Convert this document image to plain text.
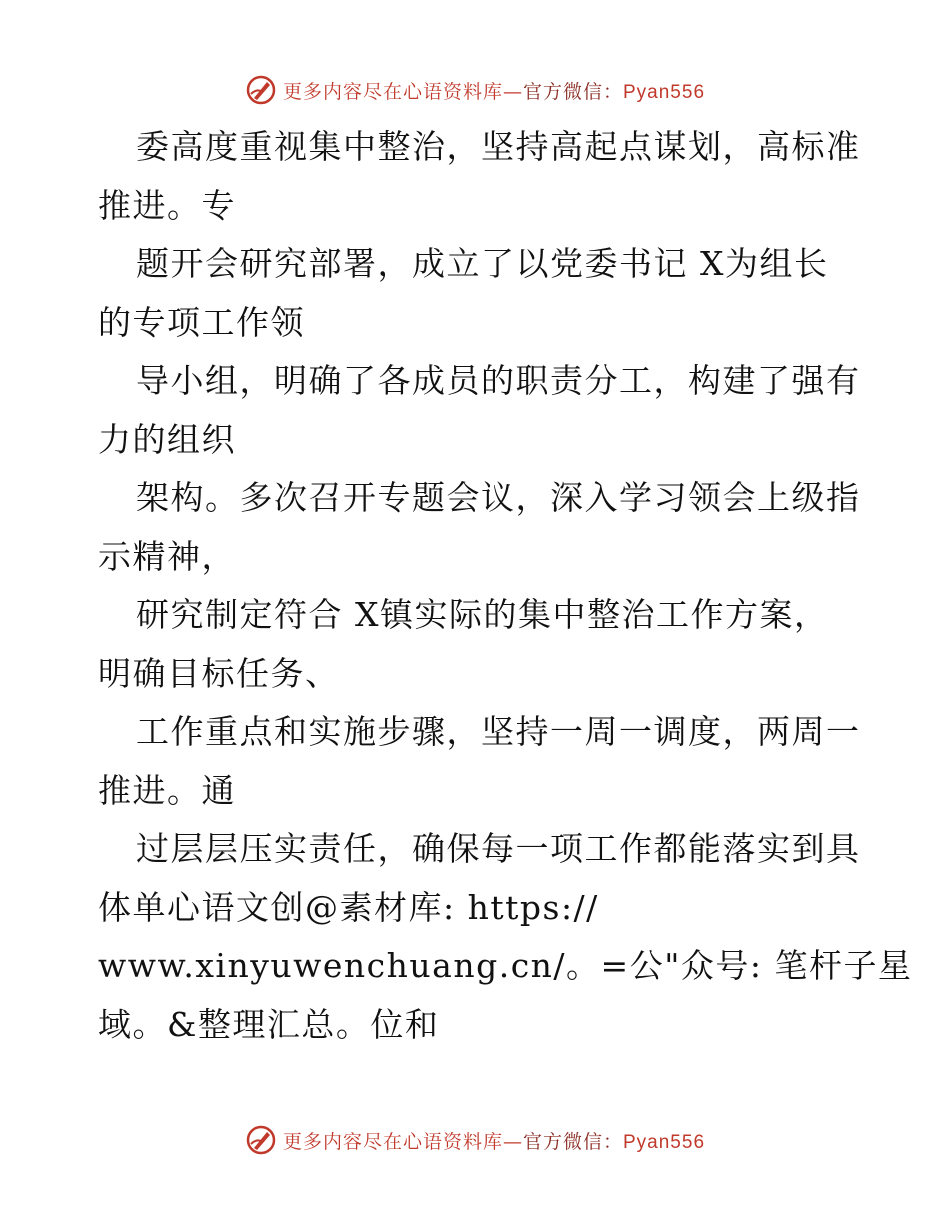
更多内容尽在心语资料库—官方微信：Pyan556
委高度重视集中整治，坚持高起点谋划，高标准
推进。专
题开会研究部署，成立了以党委书记 X为组长
的专项工作领
导小组，明确了各成员的职责分工，构建了强有
力的组织
架构。多次召开专题会议，深入学习领会上级指
示精神，
研究制定符合 X镇实际的集中整治工作方案，
明确目标任务、
工作重点和实施步骤，坚持一周一调度，两周一
推进。通
过层层压实责任，确保每一项工作都能落实到具
体单心语文创@素材库: https://
www.xinyuwenchuang.cn/。=公"众号: 笔杆子星
域。&整理汇总。位和
更多内容尽在心语资料库—官方微信：Pyan556
